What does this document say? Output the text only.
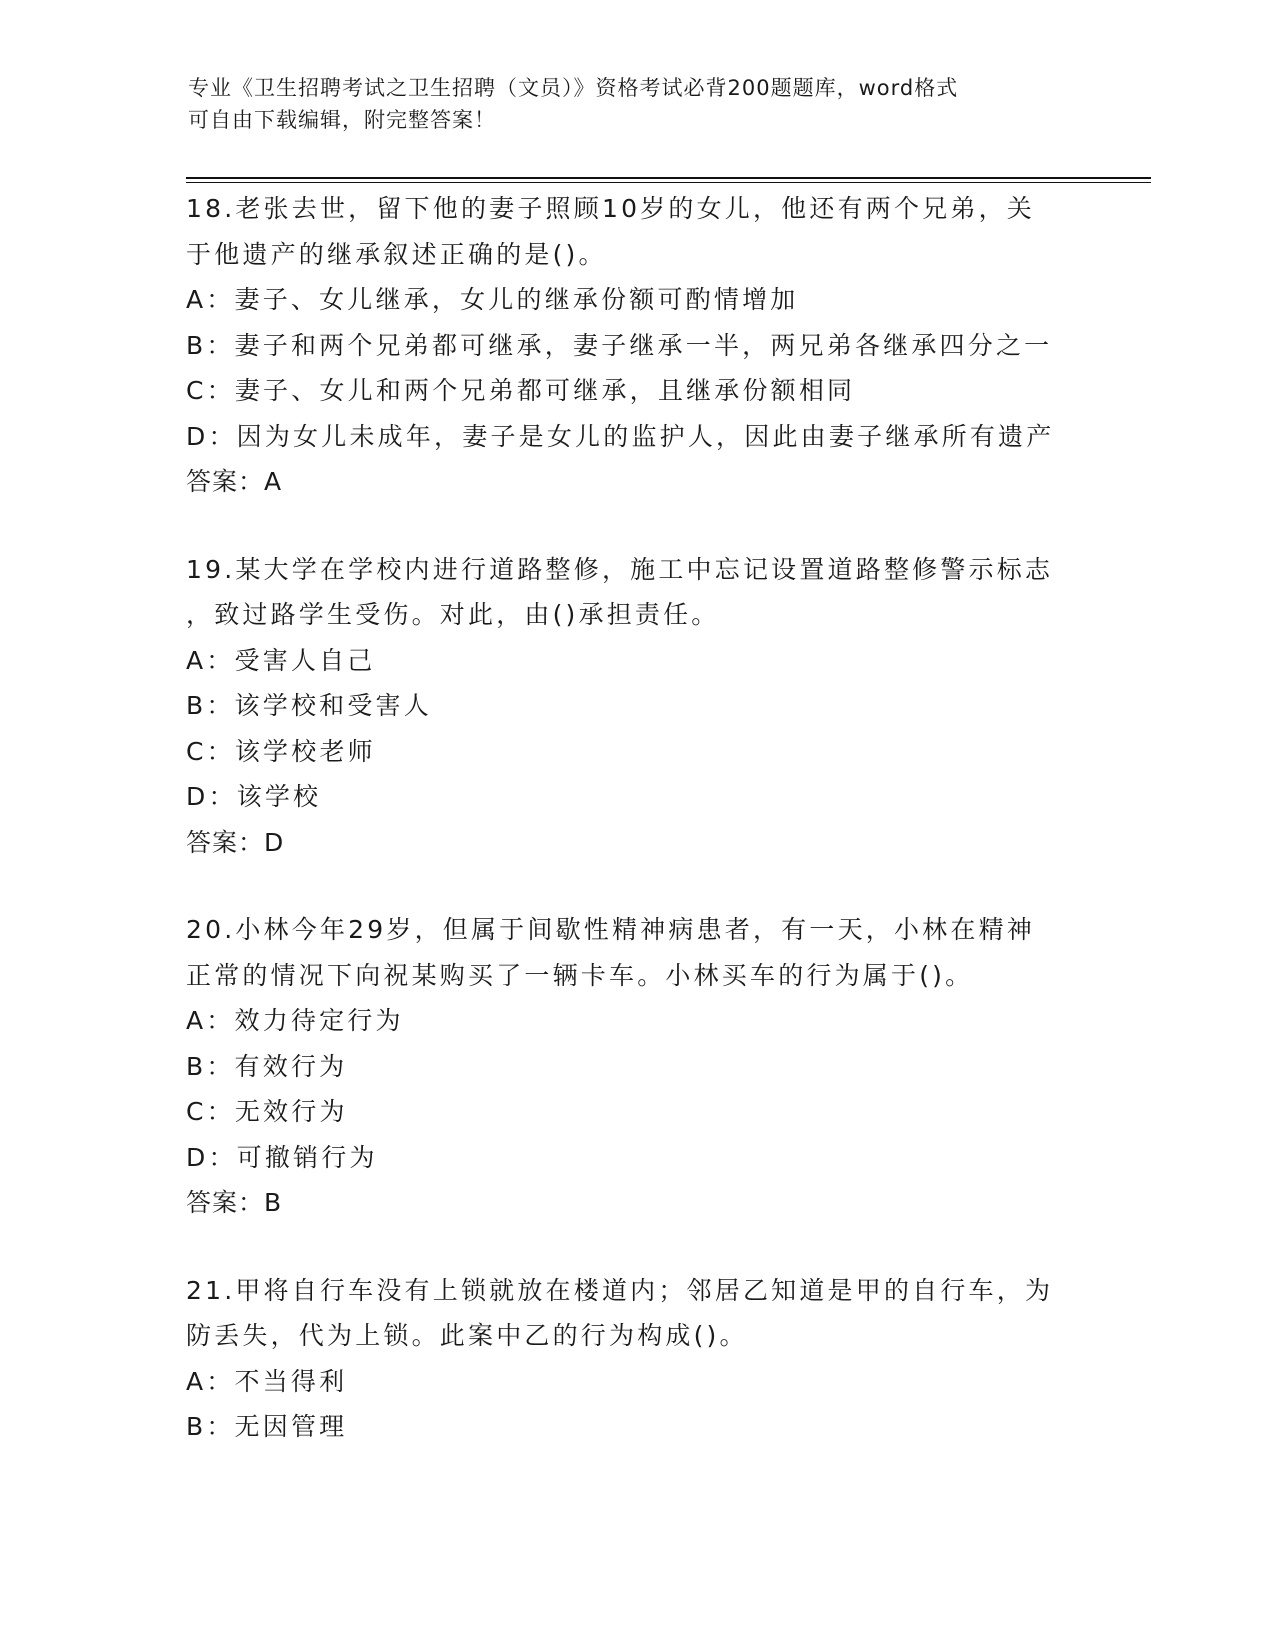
专业《卫生招聘考试之卫生招聘（文员）》资格考试必背200题题库，word格式
可自由下载编辑，附完整答案！
18.老张去世，留下他的妻子照顾10岁的女儿，他还有两个兄弟，关
于他遗产的继承叙述正确的是()。
A：妻子、女儿继承，女儿的继承份额可酌情增加
B：妻子和两个兄弟都可继承，妻子继承一半，两兄弟各继承四分之一
C：妻子、女儿和两个兄弟都可继承，且继承份额相同
D：因为女儿未成年，妻子是女儿的监护人，因此由妻子继承所有遗产
答案：A
19.某大学在学校内进行道路整修，施工中忘记设置道路整修警示标志
，致过路学生受伤。对此，由()承担责任。
A：受害人自己
B：该学校和受害人
C：该学校老师
D：该学校
答案：D
20.小林今年29岁，但属于间歇性精神病患者，有一天，小林在精神
正常的情况下向祝某购买了一辆卡车。小林买车的行为属于()。
A：效力待定行为
B：有效行为
C：无效行为
D：可撤销行为
答案：B
21.甲将自行车没有上锁就放在楼道内；邻居乙知道是甲的自行车，为
防丢失，代为上锁。此案中乙的行为构成()。
A：不当得利
B：无因管理
